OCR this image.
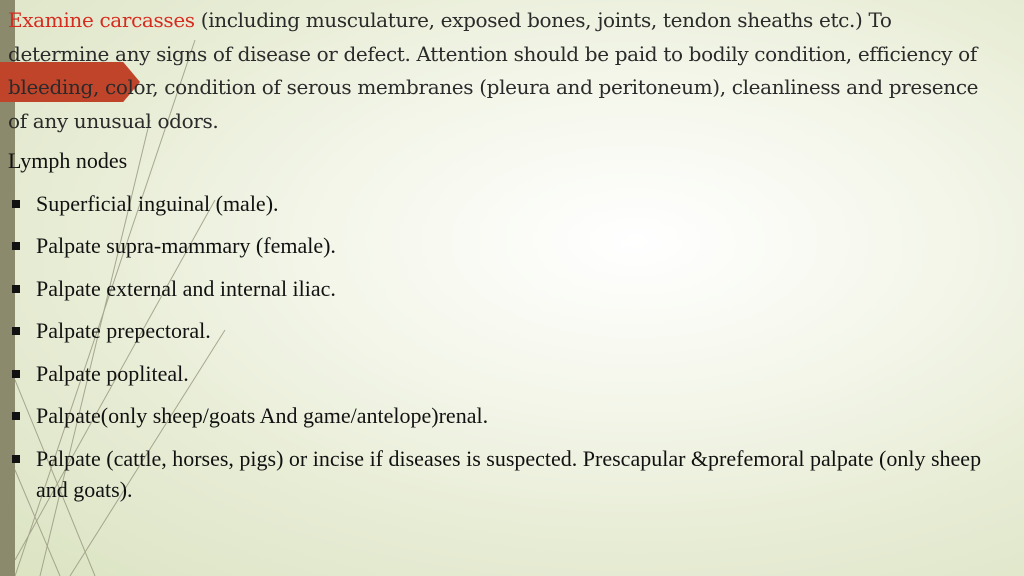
Examine carcasses (including musculature, exposed bones, joints, tendon sheaths etc.) To determine any signs of disease or defect. Attention should be paid to bodily condition, efficiency of bleeding, color, condition of serous membranes (pleura and peritoneum), cleanliness and presence of any unusual odors.

Lymph nodes
Superficial inguinal (male).
Palpate supra-mammary (female).
Palpate external and internal iliac.
Palpate prepectoral.
Palpate popliteal.
Palpate(only sheep/goats And game/antelope)renal.
Palpate (cattle, horses, pigs) or incise if diseases is suspected. Prescapular &prefemoral palpate (only sheep and goats).
